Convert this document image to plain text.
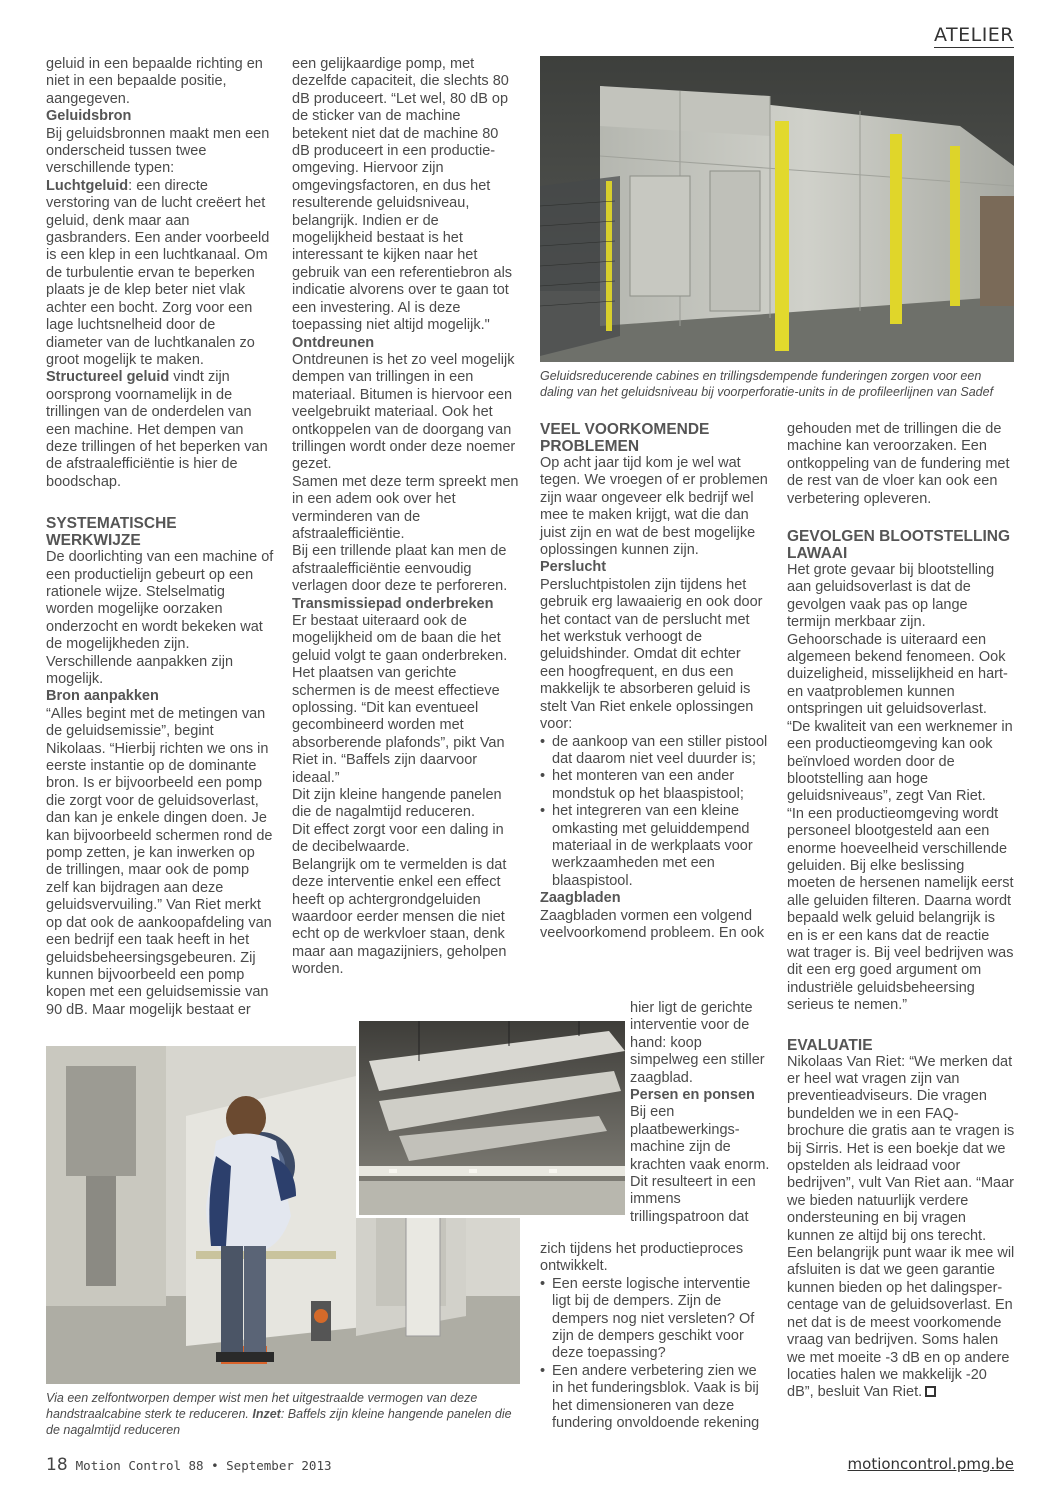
ATELIER

geluid in een bepaalde richting en niet in een bepaalde positie, aangegeven.

Geluidsbron

Bij geluidsbronnen maakt men een onderscheid tussen twee verschillende typen:

Luchtgeluid: een directe verstoring van de lucht creëert het geluid, denk maar aan gasbranders. Een ander voorbeeld is een klep in een luchtkanaal. Om de turbulentie ervan te beperken plaats je de klep beter niet vlak achter een bocht. Zorg voor een lage luchtsnelheid door de diameter van de luchtkanalen zo groot mogelijk te maken.

Structureel geluid vindt zijn oorsprong voornamelijk in de trillingen van de onderdelen van een machine. Het dempen van deze trillingen of het beperken van de afstraalefficiëntie is hier de boodschap.

SYSTEMATISCHE WERKWIJZE

De doorlichting van een machine of een productielijn gebeurt op een rationele wijze. Stelselmatig worden mogelijke oorzaken onderzocht en wordt bekeken wat de mogelijkheden zijn. Verschillende aanpakken zijn mogelijk.

Bron aanpakken

“Alles begint met de metingen van de geluidsemissie”, begint Nikolaas. “Hierbij richten we ons in eerste instantie op de dominante bron. Is er bijvoorbeeld een pomp die zorgt voor de geluidsoverlast, dan kan je enkele dingen doen. Je kan bijvoorbeeld schermen rond de pomp zetten, je kan inwerken op de trillingen, maar ook de pomp zelf kan bijdragen aan deze geluidsvervuiling.” Van Riet merkt op dat ook de aankoopafdeling van een bedrijf een taak heeft in het geluidsbeheersingsgebeuren. Zij kunnen bijvoorbeeld een pomp kopen met een geluidsemissie van 90 dB. Maar mogelijk bestaat er

een gelijkaardige pomp, met dezelfde capaciteit, die slechts 80 dB produceert. “Let wel, 80 dB op de sticker van de machine betekent niet dat de machine 80 dB produceert in een productie-omgeving. Hiervoor zijn omgevingsfactoren, en dus het resulterende geluidsniveau, belangrijk. Indien er de mogelijkheid bestaat is het interessant te kijken naar het gebruik van een referentiebron als indicatie alvorens over te gaan tot een investering. Al is deze toepassing niet altijd mogelijk."

Ontdreunen

Ontdreunen is het zo veel mogelijk dempen van trillingen in een materiaal. Bitumen is hiervoor een veelgebruikt materiaal. Ook het ontkoppelen van de doorgang van trillingen wordt onder deze noemer gezet.

Samen met deze term spreekt men in een adem ook over het verminderen van de afstraalefficiëntie.

Bij een trillende plaat kan men de afstraalefficiëntie eenvoudig verlagen door deze te perforeren.

Transmissiepad onderbreken

Er bestaat uiteraard ook de mogelijkheid om de baan die het geluid volgt te gaan onderbreken. Het plaatsen van gerichte schermen is de meest effectieve oplossing. “Dit kan eventueel gecombineerd worden met absorberende plafonds”, pikt Van Riet in. “Baffels zijn daarvoor ideaal.”

Dit zijn kleine hangende panelen die de nagalmtijd reduceren.

Dit effect zorgt voor een daling in de decibelwaarde.

Belangrijk om te vermelden is dat deze interventie enkel een effect heeft op achtergrondgeluiden waardoor eerder mensen die niet echt op de werkvloer staan, denk maar aan magazijniers, geholpen worden.

Geluidsreducerende cabines en trillingsdempende funderingen zorgen voor een daling van het geluidsniveau bij voorperforatie-units in de profileerlijnen van Sadef

VEEL VOORKOMENDE PROBLEMEN

Op acht jaar tijd kom je wel wat tegen. We vroegen of er problemen zijn waar ongeveer elk bedrijf wel mee te maken krijgt, wat die dan juist zijn en wat de best mogelijke oplossingen kunnen zijn.

Perslucht

Persluchtpistolen zijn tijdens het gebruik erg lawaaierig en ook door het contact van de perslucht met het werkstuk verhoogt de geluidshinder. Omdat dit echter een hoogfrequent, en dus een makkelijk te absorberen geluid is stelt Van Riet enkele oplossingen voor:

• de aankoop van een stiller pistool dat daarom niet veel duurder is;

• het monteren van een ander mondstuk op het blaaspistool;

• het integreren van een kleine omkasting met geluiddempend materiaal in de werkplaats voor werkzaamheden met een blaaspistool.

Zaagbladen

Zaagbladen vormen een volgend veelvoorkomend probleem. En ook

hier ligt de gerichte interventie voor de hand: koop simpelweg een stiller zaagblad.

Persen en ponsen

Bij een plaatbewerkings-machine zijn de krachten vaak enorm. Dit resulteert in een immens trillingspatroon dat

zich tijdens het productieproces ontwikkelt.

• Een eerste logische interventie ligt bij de dempers. Zijn de dempers nog niet versleten? Of zijn de dempers geschikt voor deze toepassing?

• Een andere verbetering zien we in het funderingsblok. Vaak is bij het dimensioneren van deze fundering onvoldoende rekening

gehouden met de trillingen die de machine kan veroorzaken. Een ontkoppeling van de fundering met de rest van de vloer kan ook een verbetering opleveren.

GEVOLGEN BLOOTSTELLING LAWAAI

Het grote gevaar bij blootstelling aan geluidsoverlast is dat de gevolgen vaak pas op lange termijn merkbaar zijn. Gehoorschade is uiteraard een algemeen bekend fenomeen. Ook duizeligheid, misselijkheid en hart- en vaatproblemen kunnen ontspringen uit geluidsoverlast.

“De kwaliteit van een werknemer in een productieomgeving kan ook beïnvloed worden door de blootstelling aan hoge geluidsniveaus”, zegt Van Riet.

“In een productieomgeving wordt personeel blootgesteld aan een enorme hoeveelheid verschillende geluiden. Bij elke beslissing moeten de hersenen namelijk eerst alle geluiden filteren. Daarna wordt bepaald welk geluid belangrijk is en is er een kans dat de reactie wat trager is. Bij veel bedrijven was dit een erg goed argument om industriële geluidsbeheersing serieus te nemen.”

EVALUATIE

Nikolaas Van Riet: “We merken dat er heel wat vragen zijn van preventieadviseurs. Die vragen bundelden we in een FAQ-brochure die gratis aan te vragen is bij Sirris. Het is een boekje dat we opstelden als leidraad voor bedrijven”, vult Van Riet aan. “Maar we bieden natuurlijk verdere ondersteuning en bij vragen kunnen ze altijd bij ons terecht.

Een belangrijk punt waar ik mee wil afsluiten is dat we geen garantie kunnen bieden op het dalingsper-centage van de geluidsoverlast. En net dat is de meest voorkomende vraag van bedrijven. Soms halen we met moeite -3 dB en op andere locaties halen we makkelijk -20 dB”, besluit Van Riet.

Via een zelfontworpen demper wist men het uitgestraalde vermogen van deze handstraalcabine sterk te reduceren. Inzet: Baffels zijn kleine hangende panelen die de nagalmtijd reduceren
18 Motion Control 88 • September 2013	motioncontrol.pmg.be
